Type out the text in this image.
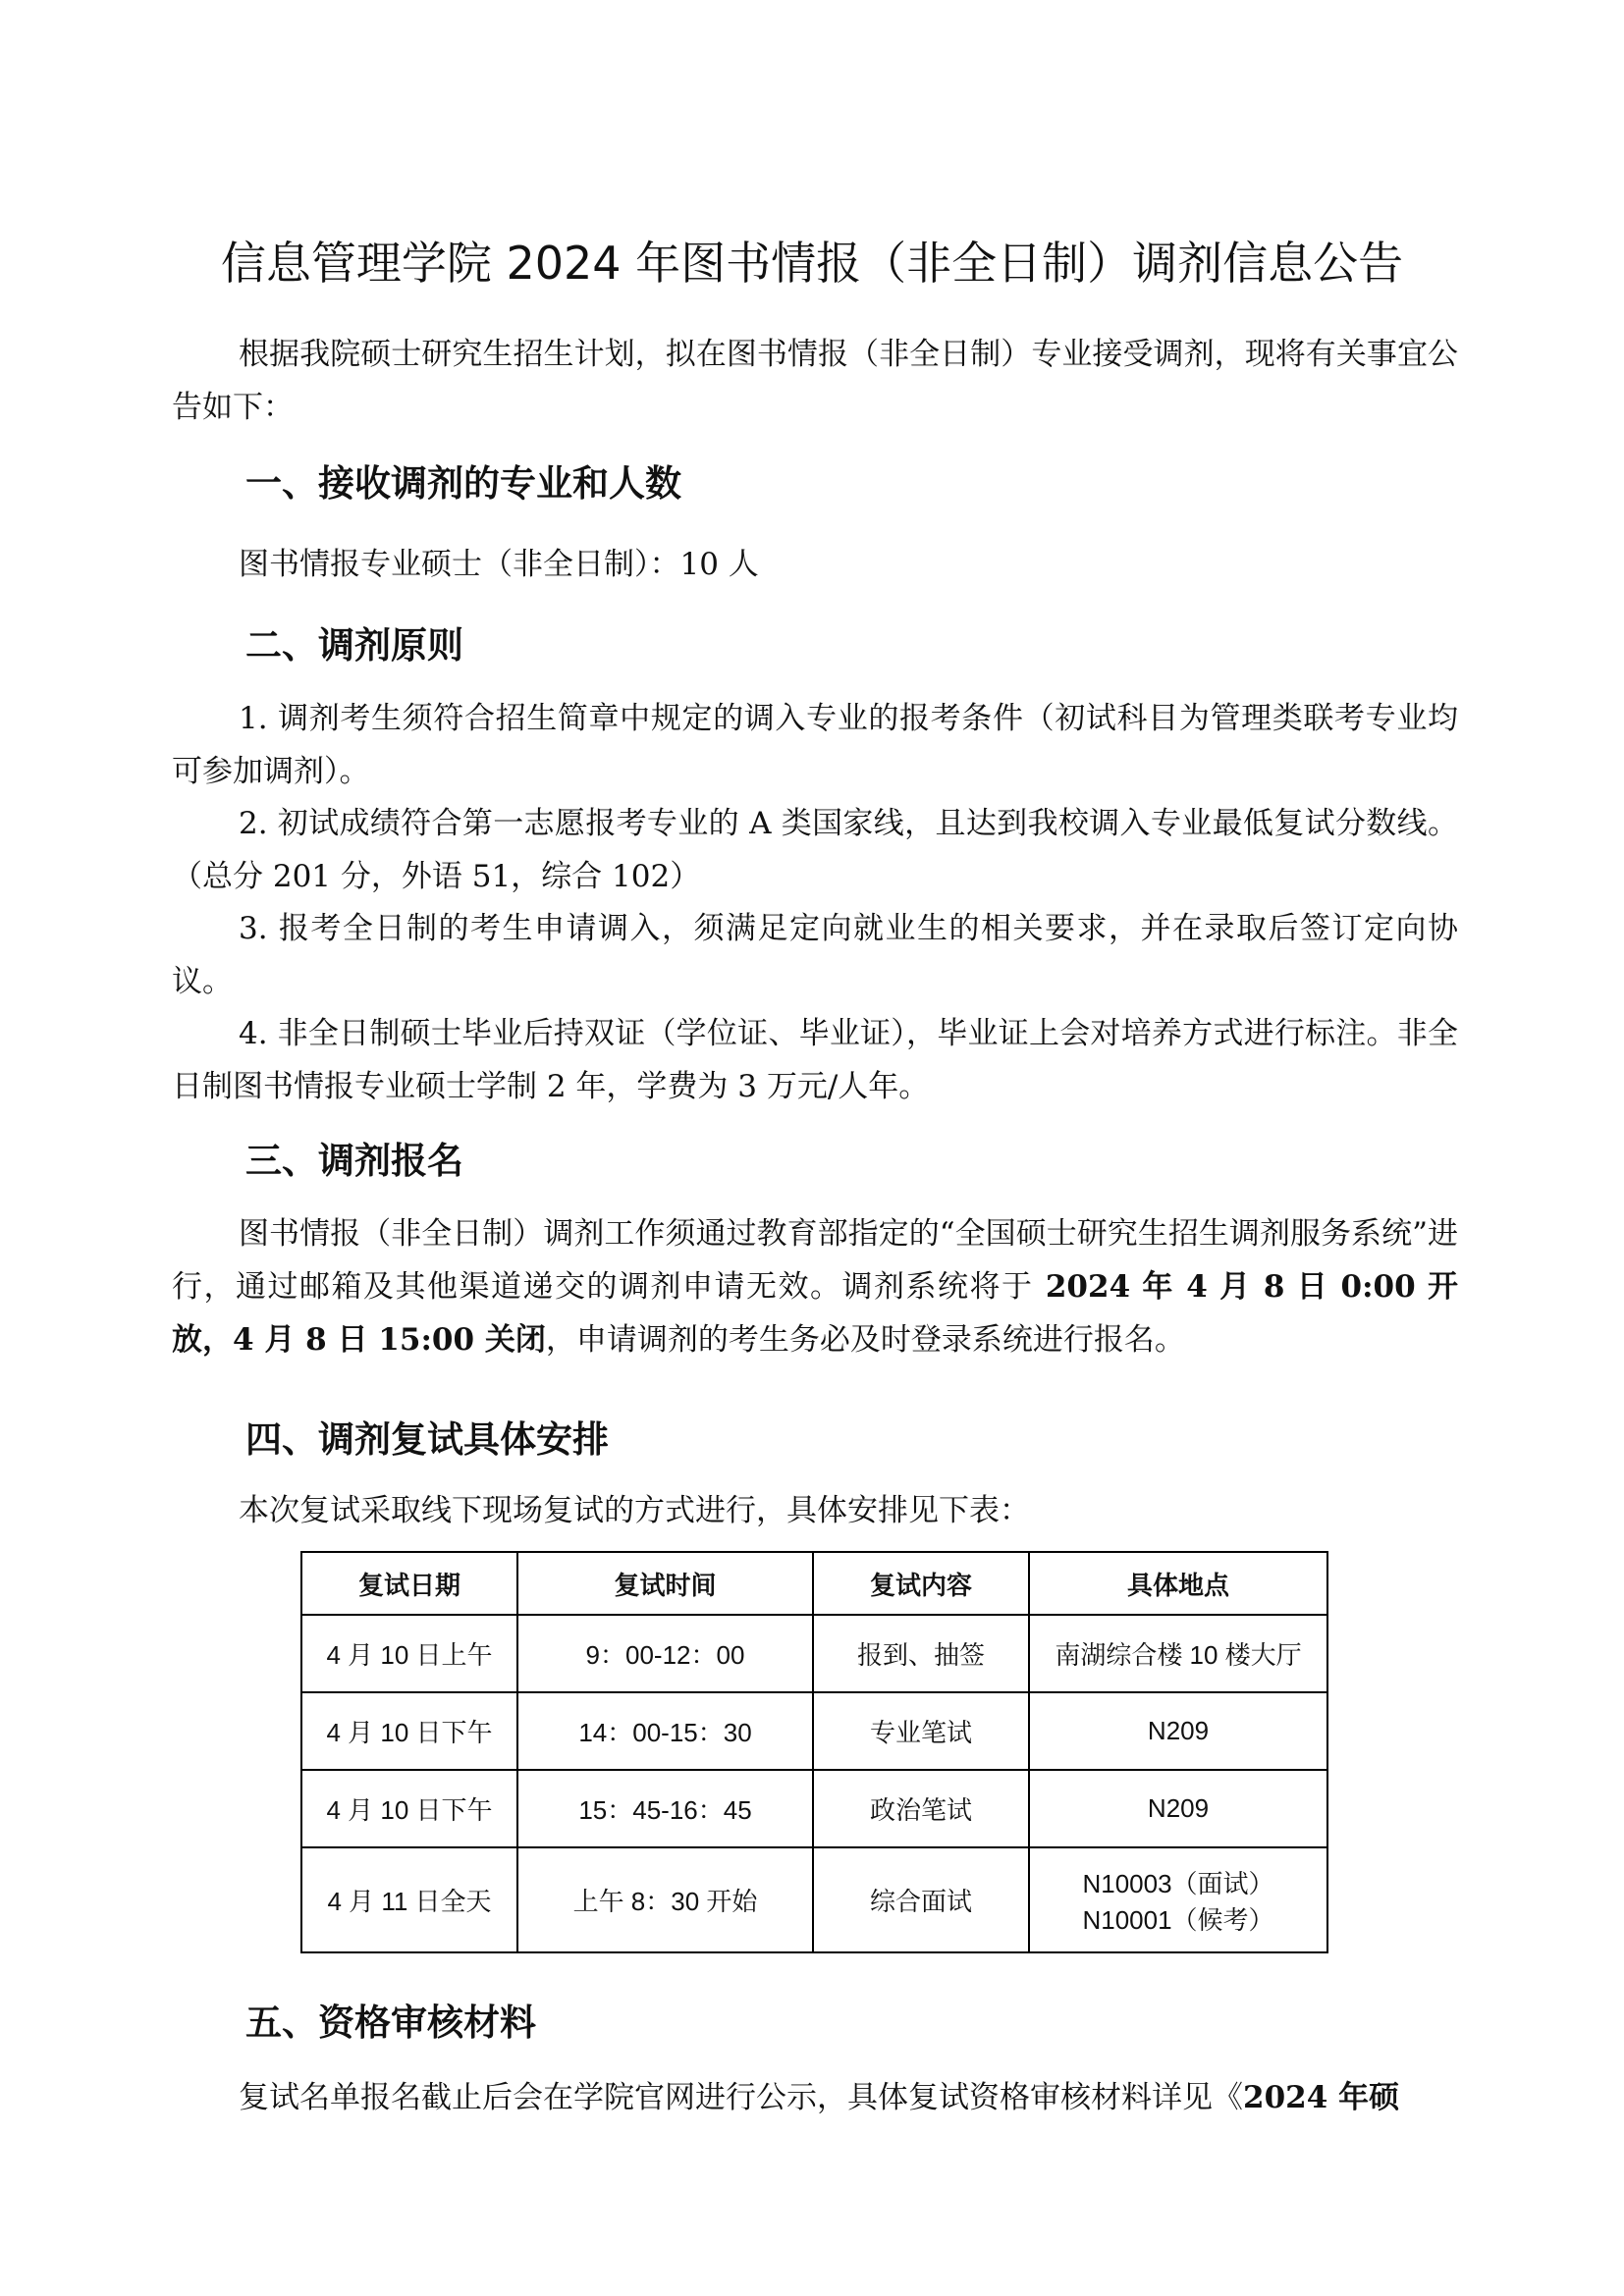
信息管理学院 2024 年图书情报（非全日制）调剂信息公告
根据我院硕士研究生招生计划，拟在图书情报（非全日制）专业接受调剂，现将有关事宜公告如下：
一、接收调剂的专业和人数
图书情报专业硕士（非全日制）：10 人
二、调剂原则
1. 调剂考生须符合招生简章中规定的调入专业的报考条件（初试科目为管理类联考专业均可参加调剂）。
2. 初试成绩符合第一志愿报考专业的 A 类国家线，且达到我校调入专业最低复试分数线。（总分 201 分，外语 51，综合 102）
3. 报考全日制的考生申请调入，须满足定向就业生的相关要求，并在录取后签订定向协议。
4. 非全日制硕士毕业后持双证（学位证、毕业证），毕业证上会对培养方式进行标注。非全日制图书情报专业硕士学制 2 年，学费为 3 万元/人年。
三、调剂报名
图书情报（非全日制）调剂工作须通过教育部指定的“全国硕士研究生招生调剂服务系统”进行，通过邮箱及其他渠道递交的调剂申请无效。调剂系统将于 2024 年 4 月 8 日 0:00 开放，4 月 8 日 15:00 关闭，申请调剂的考生务必及时登录系统进行报名。
四、调剂复试具体安排
本次复试采取线下现场复试的方式进行，具体安排见下表：
复试日期	复试时间	复试内容	具体地点
4 月 10 日上午	9：00-12：00	报到、抽签	南湖综合楼 10 楼大厅
4 月 10 日下午	14：00-15：30	专业笔试	N209
4 月 10 日下午	15：45-16：45	政治笔试	N209
4 月 11 日全天	上午 8：30 开始	综合面试	N10003（面试）
N10001（候考）
五、资格审核材料
复试名单报名截止后会在学院官网进行公示，具体复试资格审核材料详见《2024 年硕
